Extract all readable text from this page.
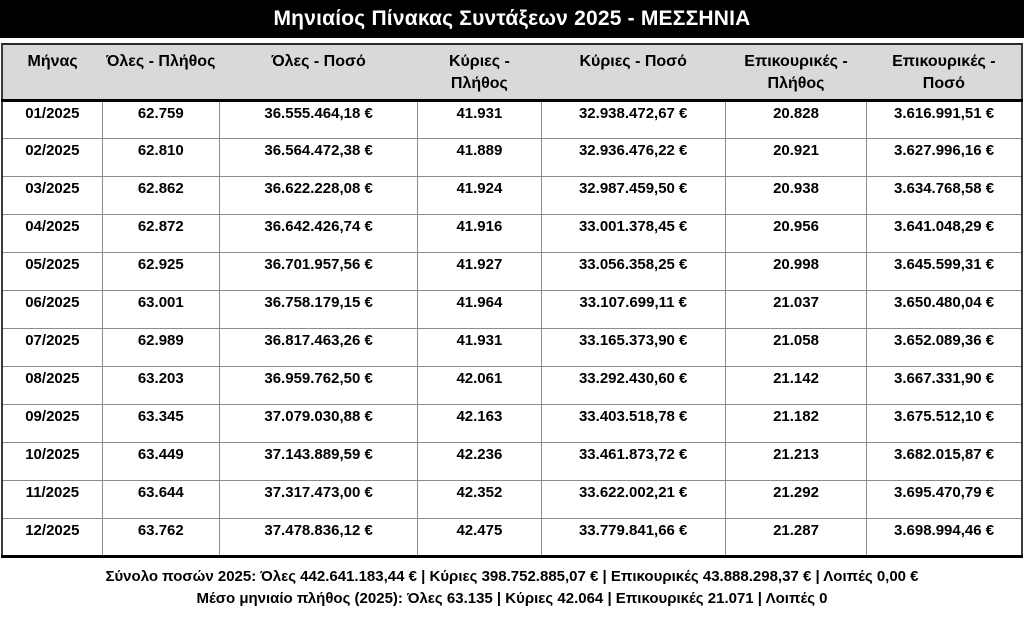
Μηνιαίος Πίνακας Συντάξεων 2025 - ΜΕΣΣΗΝΙΑ
Μήνας	Όλες - Πλήθος	Όλες - Ποσό	Κύριες - Πλήθος	Κύριες - Ποσό	Επικουρικές - Πλήθος	Επικουρικές - Ποσό
01/2025	62.759	36.555.464,18 €	41.931	32.938.472,67 €	20.828	3.616.991,51 €
02/2025	62.810	36.564.472,38 €	41.889	32.936.476,22 €	20.921	3.627.996,16 €
03/2025	62.862	36.622.228,08 €	41.924	32.987.459,50 €	20.938	3.634.768,58 €
04/2025	62.872	36.642.426,74 €	41.916	33.001.378,45 €	20.956	3.641.048,29 €
05/2025	62.925	36.701.957,56 €	41.927	33.056.358,25 €	20.998	3.645.599,31 €
06/2025	63.001	36.758.179,15 €	41.964	33.107.699,11 €	21.037	3.650.480,04 €
07/2025	62.989	36.817.463,26 €	41.931	33.165.373,90 €	21.058	3.652.089,36 €
08/2025	63.203	36.959.762,50 €	42.061	33.292.430,60 €	21.142	3.667.331,90 €
09/2025	63.345	37.079.030,88 €	42.163	33.403.518,78 €	21.182	3.675.512,10 €
10/2025	63.449	37.143.889,59 €	42.236	33.461.873,72 €	21.213	3.682.015,87 €
11/2025	63.644	37.317.473,00 €	42.352	33.622.002,21 €	21.292	3.695.470,79 €
12/2025	63.762	37.478.836,12 €	42.475	33.779.841,66 €	21.287	3.698.994,46 €
Σύνολο ποσών 2025: Όλες 442.641.183,44 € | Κύριες 398.752.885,07 € | Επικουρικές 43.888.298,37 € | Λοιπές 0,00 €
Μέσο μηνιαίο πλήθος (2025): Όλες 63.135 | Κύριες 42.064 | Επικουρικές 21.071 | Λοιπές 0
